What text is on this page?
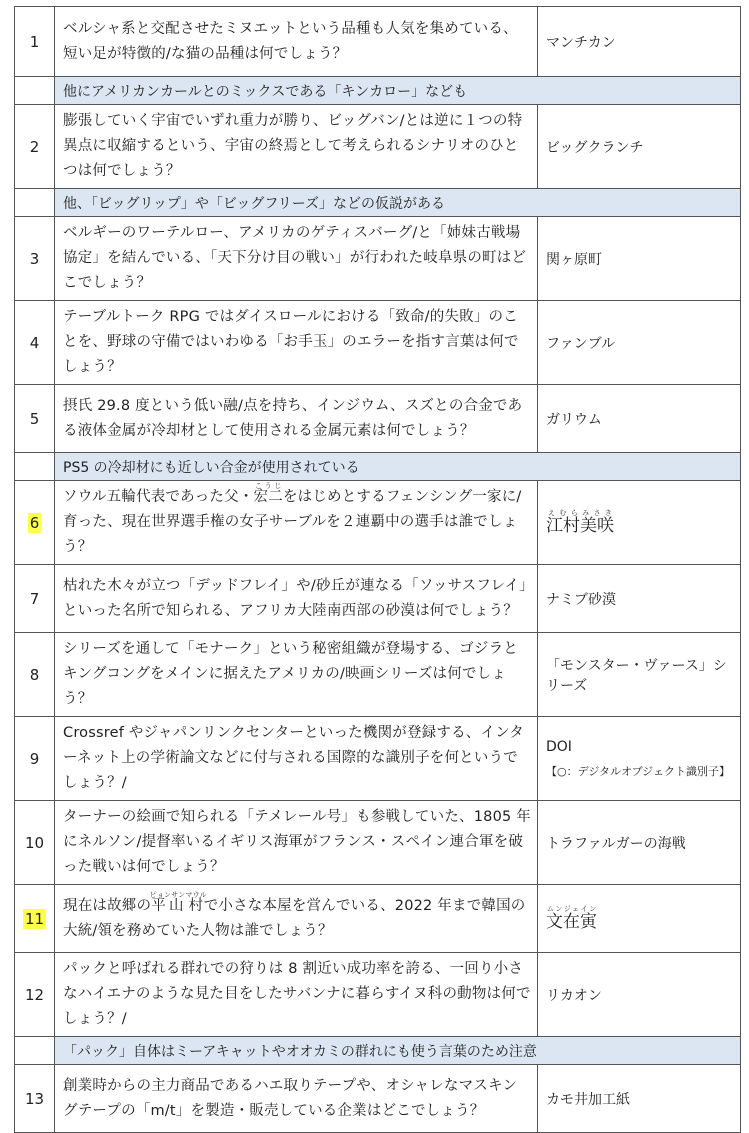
1	ベルシャ系と交配させたミヌエットという品種も人気を集めている、短い足が特徴的/な猫の品種は何でしょう？	マンチカン
	他にアメリカンカールとのミックスである「キンカロー」なども	
2	膨張していく宇宙でいずれ重力が勝り、ビッグバン/とは逆に１つの特異点に収縮するという、宇宙の終焉として考えられるシナリオのひとつは何でしょう？	ビッグクランチ
	他、「ビッグリップ」や「ビッグフリーズ」などの仮説がある	
3	ベルギーのワーテルロー、アメリカのゲティスバーグ/と「姉妹古戦場協定」を結んでいる、「天下分け目の戦い」が行われた岐阜県の町はどこでしょう？	関ヶ原町
4	テーブルトーク RPG ではダイスロールにおける「致命/的失敗」のことを、野球の守備ではいわゆる「お手玉」のエラーを指す言葉は何でしょう？	ファンブル
5	摂氏 29.8 度という低い融/点を持ち、インジウム、スズとの合金である液体金属が冷却材として使用される金属元素は何でしょう？	ガリウム
	PS5 の冷却材にも近しい合金が使用されている	
6	ソウル五輪代表であった父・宏二こうじをはじめとするフェンシング一家に/育った、現在世界選手権の女子サーブルを２連覇中の選手は誰でしょう？	江村美咲えむらみさき
7	枯れた木々が立つ「デッドフレイ」や/砂丘が連なる「ソッサスフレイ」といった名所で知られる、アフリカ大陸南西部の砂漠は何でしょう？	ナミブ砂漠
8	シリーズを通して「モナーク」という秘密組織が登場する、ゴジラとキングコングをメインに据えたアメリカの/映画シリーズは何でしょう？	「モンスター・ヴァース」シリーズ
9	Crossref やジャパンリンクセンターといった機関が登録する、インターネット上の学術論文などに付与される国際的な識別子を何というでしょう？/	DOI
【○：デジタルオブジェクト識別子】

10	ターナーの絵画で知られる「テメレール号」も参戦していた、1805 年にネルソン/提督率いるイギリス海軍がフランス・スペイン連合軍を破った戦いは何でしょう？	トラファルガーの海戦
11	現在は故郷の平山ピョンサン村マウルで小さな本屋を営んでいる、2022 年まで韓国の大統/領を務めていた人物は誰でしょう？	文在寅ムンジェイン
12	パックと呼ばれる群れでの狩りは 8 割近い成功率を誇る、一回り小さなハイエナのような見た目をしたサバンナに暮らすイヌ科の動物は何でしょう？/	リカオン
	「パック」自体はミーアキャットやオオカミの群れにも使う言葉のため注意	
13	創業時からの主力商品であるハエ取りテープや、オシャレなマスキングテープの「m/t」を製造・販売している企業はどこでしょう？	カモ井加工紙
